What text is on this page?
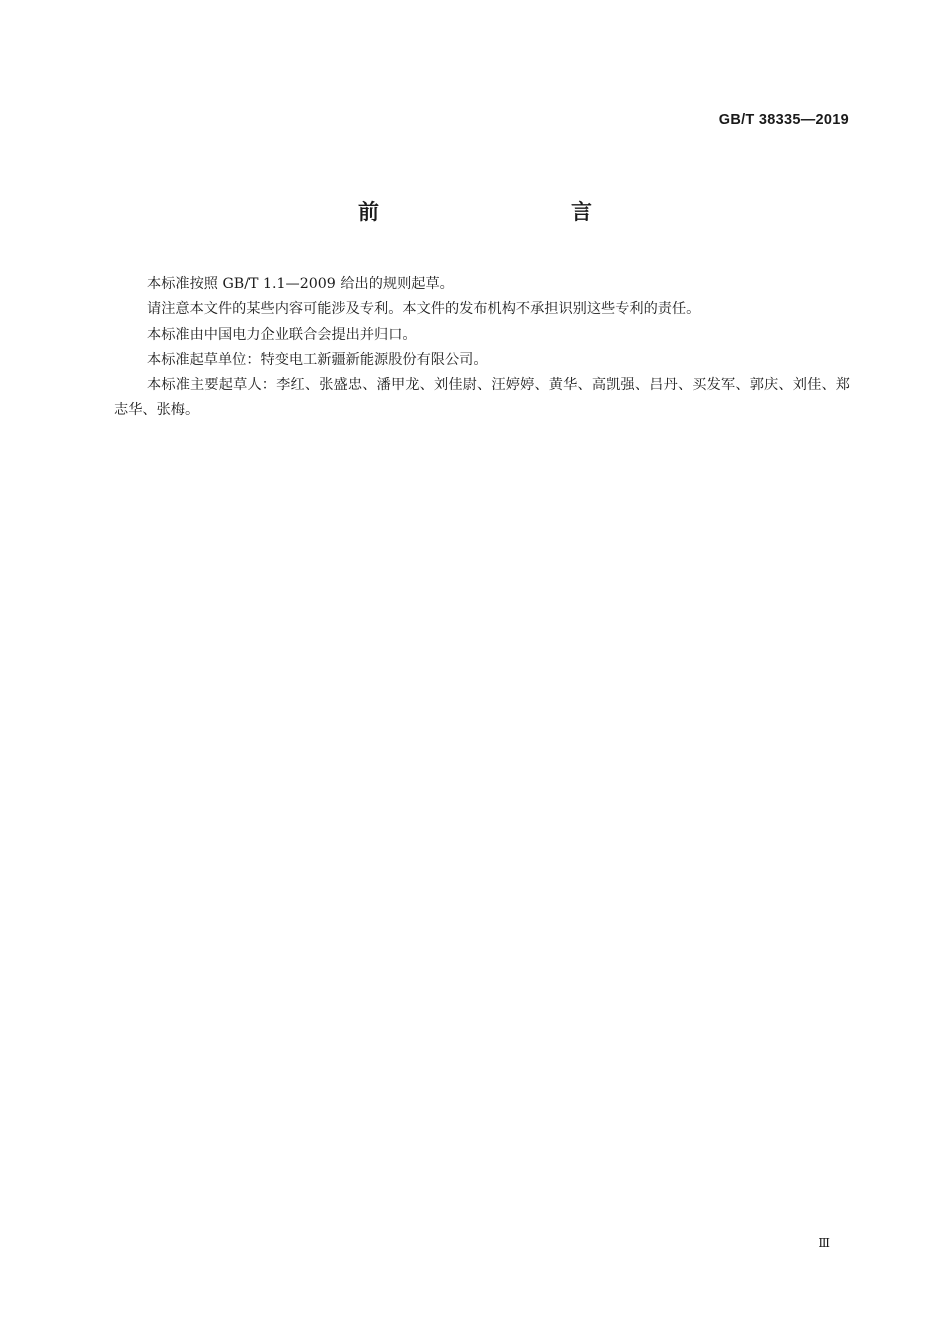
GB/T 38335—2019
前　　言

本标准按照 GB/T 1.1—2009 给出的规则起草。

请注意本文件的某些内容可能涉及专利。本文件的发布机构不承担识别这些专利的责任。

本标准由中国电力企业联合会提出并归口。

本标准起草单位：特变电工新疆新能源股份有限公司。

本标准主要起草人：李红、张盛忠、潘甲龙、刘佳尉、汪婷婷、黄华、高凯强、吕丹、买发军、郭庆、刘佳、郑志华、张梅。

Ⅲ
